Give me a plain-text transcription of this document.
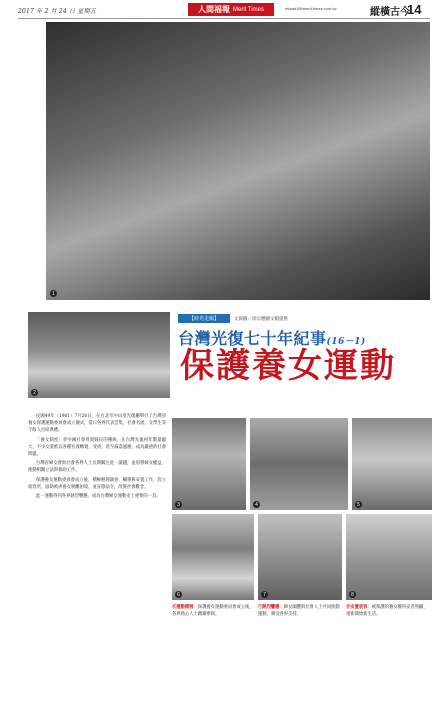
2017 年 2 月 24 日 星期五	人間福報 Merit Times	mtsart189merit-times.com.tw	縱橫古今
14
1
2
【時光走廊】	文與圖／徐宗懋圖文館提供
台灣光復七十年紀事(16－1)
保護養女運動

民國49年（1961）7月26日，在台北市中山堂光復廳舉行了台灣省養女保護運動委員會成立儀式，當日各界代表雲集，社會名流、女學生等千餘人出席典禮。

「養女制度」曾中國社會買賣賤民的傳統，在台灣光復初年數量龐大，不少女童被以各種名義轉賣、受虐，甚至淪落風塵，成為嚴重的社會問題。

台灣省婦女會與社會各界人士長期關注此一議題，並倡導婦女權益，推動相關立法與救助工作。

保護養女運動委員會成立後，積極辦理調查、輔導與安置工作，設立收容所，協助被虐養女脫離困境，並宣導法令，改變社會觀念。

此一運動得到各界熱烈響應，成為台灣婦女運動史上重要的一頁。

3	4	5
6	7	8
⑥運動開展：保護養女運動委員會成立後，各界熱心人士踴躍參與。
⑦熱烈響應：婦女團體與社會人士共同推動運動，廣受各界支持。
⑧安置收容：被保護的養女獲得妥善照顧，重新開始新生活。
